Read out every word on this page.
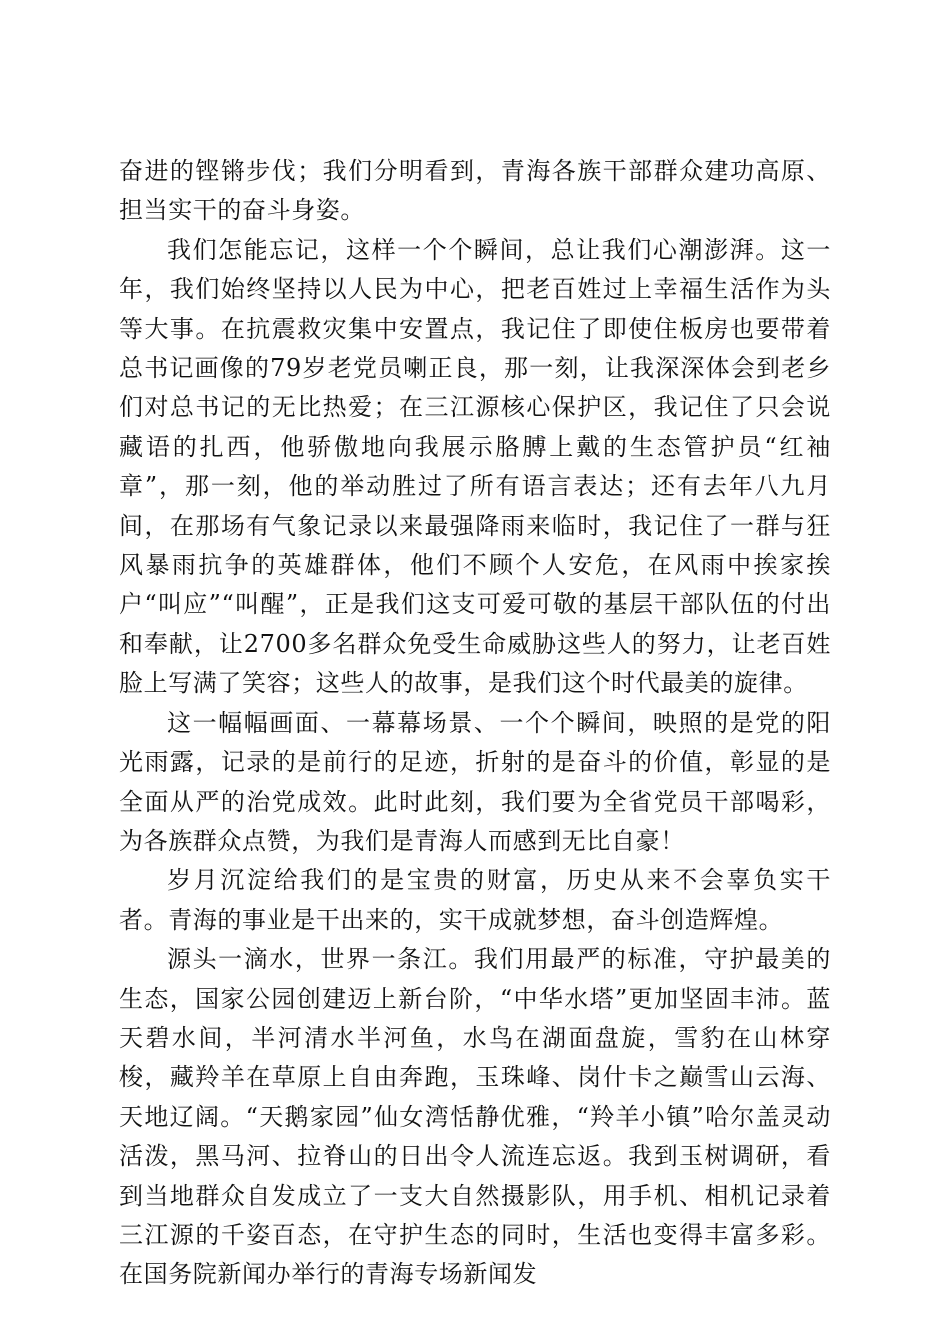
奋进的铿锵步伐；我们分明看到，青海各族干部群众建功高原、担当实干的奋斗身姿。

我们怎能忘记，这样一个个瞬间，总让我们心潮澎湃。这一年，我们始终坚持以人民为中心，把老百姓过上幸福生活作为头等大事。在抗震救灾集中安置点，我记住了即使住板房也要带着总书记画像的79岁老党员喇正良，那一刻，让我深深体会到老乡们对总书记的无比热爱；在三江源核心保护区，我记住了只会说藏语的扎西，他骄傲地向我展示胳膊上戴的生态管护员“红袖章”，那一刻，他的举动胜过了所有语言表达；还有去年八九月间，在那场有气象记录以来最强降雨来临时，我记住了一群与狂风暴雨抗争的英雄群体，他们不顾个人安危，在风雨中挨家挨户“叫应”“叫醒”，正是我们这支可爱可敬的基层干部队伍的付出和奉献，让2700多名群众免受生命威胁这些人的努力，让老百姓脸上写满了笑容；这些人的故事，是我们这个时代最美的旋律。

这一幅幅画面、一幕幕场景、一个个瞬间，映照的是党的阳光雨露，记录的是前行的足迹，折射的是奋斗的价值，彰显的是全面从严的治党成效。此时此刻，我们要为全省党员干部喝彩，为各族群众点赞，为我们是青海人而感到无比自豪！

岁月沉淀给我们的是宝贵的财富，历史从来不会辜负实干者。青海的事业是干出来的，实干成就梦想，奋斗创造辉煌。

源头一滴水，世界一条江。我们用最严的标准，守护最美的生态，国家公园创建迈上新台阶，“中华水塔”更加坚固丰沛。蓝天碧水间，半河清水半河鱼，水鸟在湖面盘旋，雪豹在山林穿梭，藏羚羊在草原上自由奔跑，玉珠峰、岗什卡之巅雪山云海、天地辽阔。“天鹅家园”仙女湾恬静优雅，“羚羊小镇”哈尔盖灵动活泼，黑马河、拉脊山的日出令人流连忘返。我到玉树调研，看到当地群众自发成立了一支大自然摄影队，用手机、相机记录着三江源的千姿百态，在守护生态的同时，生活也变得丰富多彩。在国务院新闻办举行的青海专场新闻发
